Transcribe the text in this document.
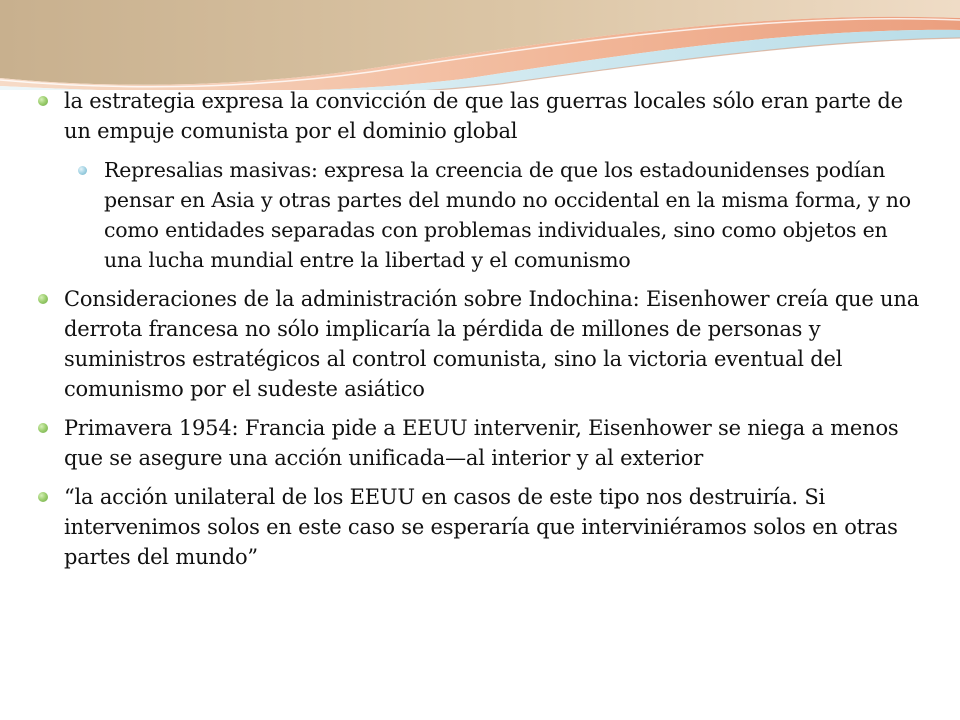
la estrategia expresa la convicción de que las guerras locales sólo eran parte de un empuje comunista por el dominio global
Represalias masivas: expresa la creencia de que los estadounidenses podían pensar en Asia y otras partes del mundo no occidental en la misma forma, y no como entidades separadas con problemas individuales, sino como objetos en una lucha mundial entre la libertad y el comunismo
Consideraciones de la administración sobre Indochina: Eisenhower creía que una derrota francesa no sólo implicaría la pérdida de millones de personas y suministros estratégicos al control comunista, sino la victoria eventual del comunismo por el sudeste asiático
Primavera 1954: Francia pide a EEUU intervenir, Eisenhower se niega a menos que se asegure una acción unificada—al interior y al exterior
“la acción unilateral de los EEUU en casos de este tipo nos destruiría. Si intervenimos solos en este caso se esperaría que interviniéramos solos en otras partes del mundo”
